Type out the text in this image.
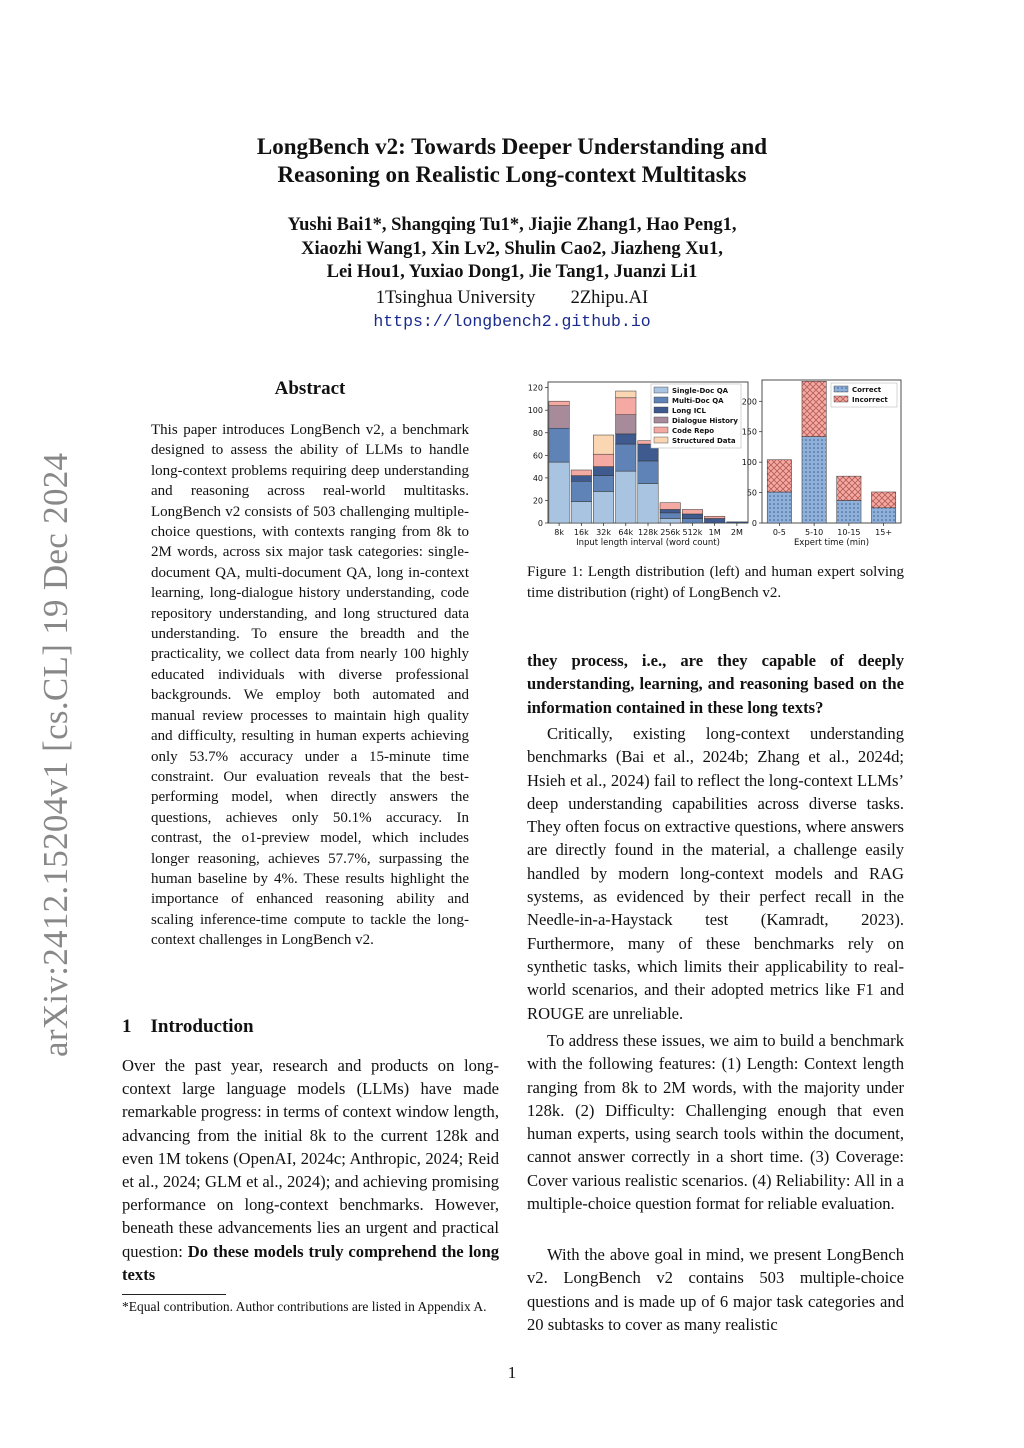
arXiv:2412.15204v1 [cs.CL] 19 Dec 2024
LongBench v2: Towards Deeper Understanding and
Reasoning on Realistic Long-context Multitasks
Yushi Bai1*, Shangqing Tu1*, Jiajie Zhang1, Hao Peng1,
Xiaozhi Wang1, Xin Lv2, Shulin Cao2, Jiazheng Xu1,
Lei Hou1, Yuxiao Dong1, Jie Tang1, Juanzi Li1
1Tsinghua University 2Zhipu.AI
https://longbench2.github.io
Abstract
This paper introduces LongBench v2, a benchmark designed to assess the ability of LLMs to handle long-context problems requiring deep understanding and reasoning across real-world multitasks. LongBench v2 consists of 503 challenging multiple-choice questions, with contexts ranging from 8k to 2M words, across six major task categories: single-document QA, multi-document QA, long in-context learning, long-dialogue history understanding, code repository understanding, and long structured data understanding. To ensure the breadth and the practicality, we collect data from nearly 100 highly educated individuals with diverse professional backgrounds. We employ both automated and manual review processes to maintain high quality and difficulty, resulting in human experts achieving only 53.7% accuracy under a 15-minute time constraint. Our evaluation reveals that the best-performing model, when directly answers the questions, achieves only 50.1% accuracy. In contrast, the o1-preview model, which includes longer reasoning, achieves 57.7%, surpassing the human baseline by 4%. These results highlight the importance of enhanced reasoning ability and scaling inference-time compute to tackle the long-context challenges in LongBench v2.
1    Introduction
Over the past year, research and products on long-context large language models (LLMs) have made remarkable progress: in terms of context window length, advancing from the initial 8k to the current 128k and even 1M tokens (OpenAI, 2024c; Anthropic, 2024; Reid et al., 2024; GLM et al., 2024); and achieving promising performance on long-context benchmarks. However, beneath these advancements lies an urgent and practical question: Do these models truly comprehend the long texts
*Equal contribution. Author contributions are listed in Appendix A.
0
20
40
60
80
100
120
8k 16k 32k 64k 128k 256k 512k 1M 2M
Input length interval (word count)
Single-Doc QA
Multi-Doc QA
Long ICL
Dialogue History
Code Repo
Structured Data
0
50
100
150
200
0-5 5-10 10-15 15+
Expert time (min)
Correct
Incorrect
Figure 1: Length distribution (left) and human expert solving time distribution (right) of LongBench v2.
they process, i.e., are they capable of deeply understanding, learning, and reasoning based on the information contained in these long texts?
Critically, existing long-context understanding benchmarks (Bai et al., 2024b; Zhang et al., 2024d; Hsieh et al., 2024) fail to reflect the long-context LLMs’ deep understanding capabilities across diverse tasks. They often focus on extractive questions, where answers are directly found in the material, a challenge easily handled by modern long-context models and RAG systems, as evidenced by their perfect recall in the Needle-in-a-Haystack test (Kamradt, 2023). Furthermore, many of these benchmarks rely on synthetic tasks, which limits their applicability to real-world scenarios, and their adopted metrics like F1 and ROUGE are unreliable.
To address these issues, we aim to build a benchmark with the following features: (1) Length: Context length ranging from 8k to 2M words, with the majority under 128k. (2) Difficulty: Challenging enough that even human experts, using search tools within the document, cannot answer correctly in a short time. (3) Coverage: Cover various realistic scenarios. (4) Reliability: All in a multiple-choice question format for reliable evaluation.
With the above goal in mind, we present LongBench v2. LongBench v2 contains 503 multiple-choice questions and is made up of 6 major task categories and 20 subtasks to cover as many realistic
1
